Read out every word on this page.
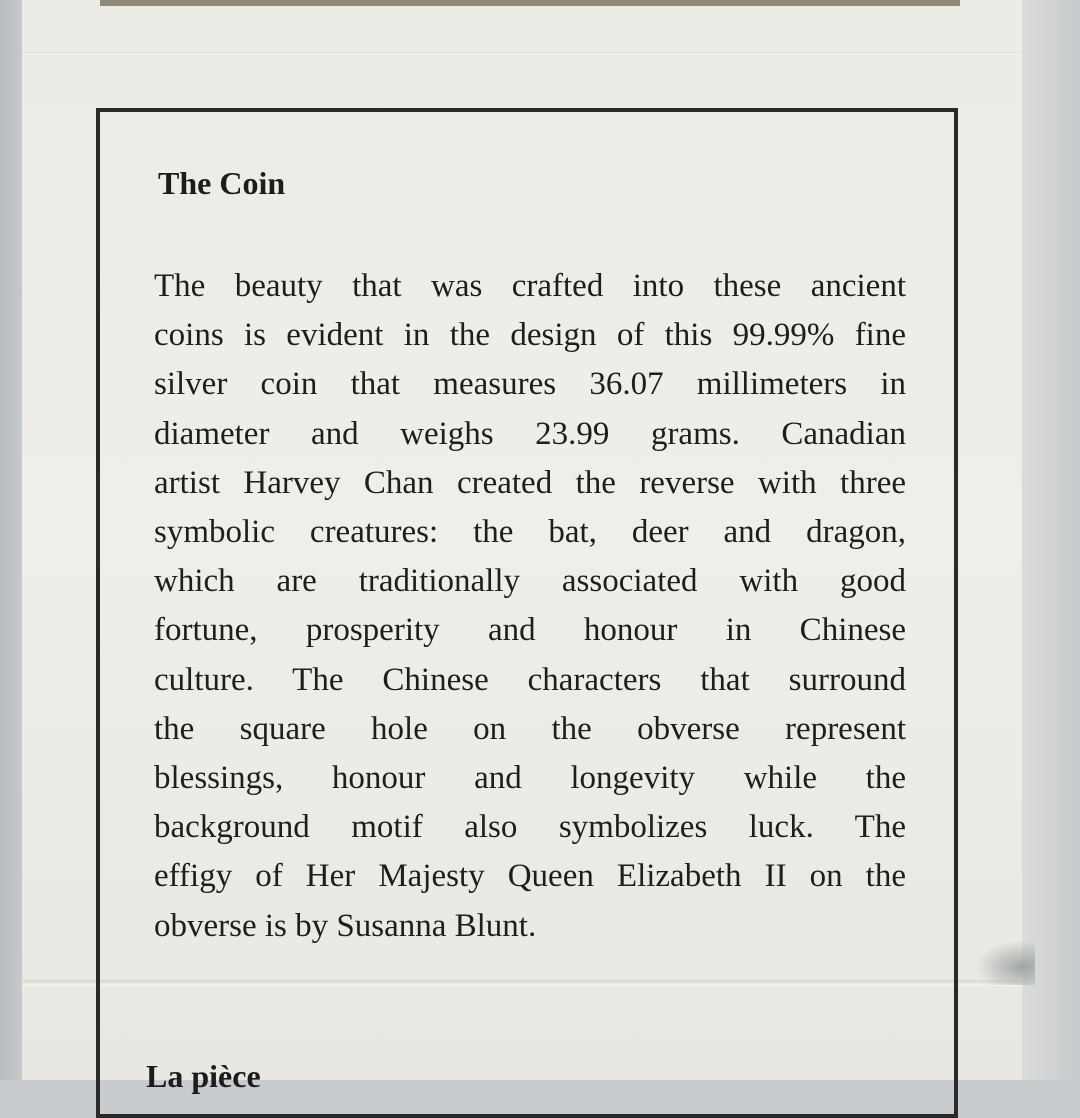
The Coin
The beauty that was crafted into these ancient
coins is evident in the design of this 99.99% fine
silver coin that measures 36.07 millimeters in
diameter and weighs 23.99 grams. Canadian
artist Harvey Chan created the reverse with three
symbolic creatures: the bat, deer and dragon,
which are traditionally associated with good
fortune, prosperity and honour in Chinese
culture. The Chinese characters that surround
the square hole on the obverse represent
blessings, honour and longevity while the
background motif also symbolizes luck. The
effigy of Her Majesty Queen Elizabeth II on the
obverse is by Susanna Blunt.
La pièce
